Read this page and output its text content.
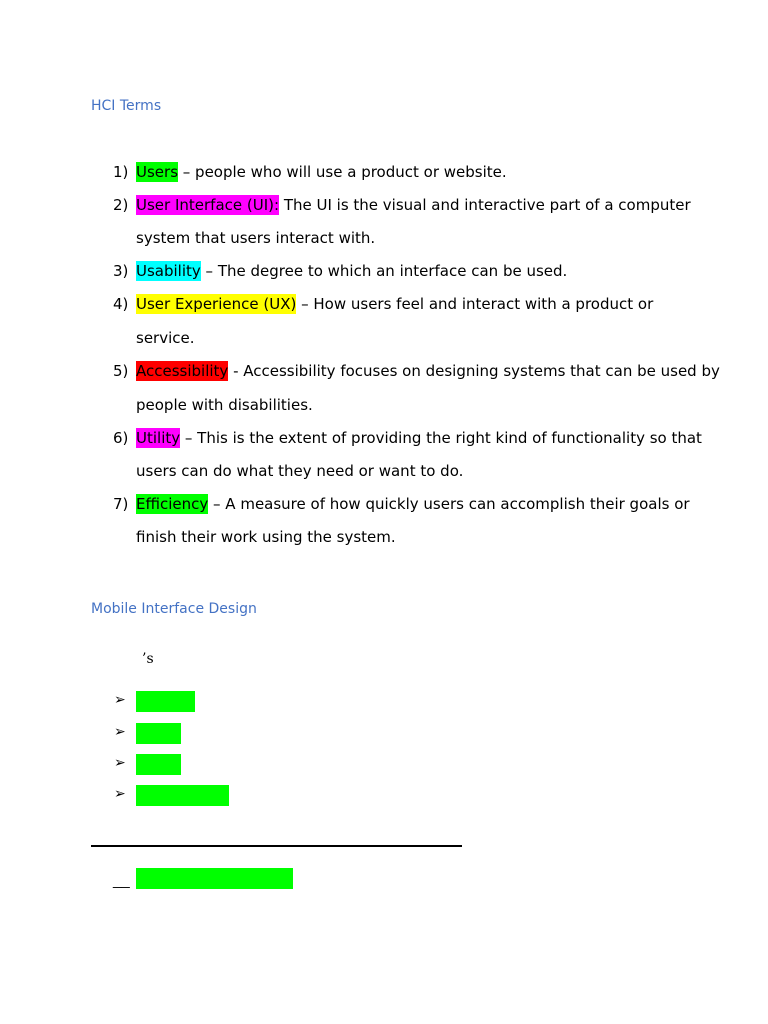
HCI Terms
1) Users – people who will use a product or website.
2) User Interface (UI): The UI is the visual and interactive part of a computer
system that users interact with.
3) Usability – The degree to which an interface can be used.
4) User Experience (UX) – How users feel and interact with a product or
service.
5) Accessibility - Accessibility focuses on designing systems that can be used by
people with disabilities.
6) Utility – This is the extent of providing the right kind of functionality so that
users can do what they need or want to do.
7) Efficiency – A measure of how quickly users can accomplish their goals or
finish their work using the system.
Mobile Interface Design
’s
➢
➢
➢
➢
__
